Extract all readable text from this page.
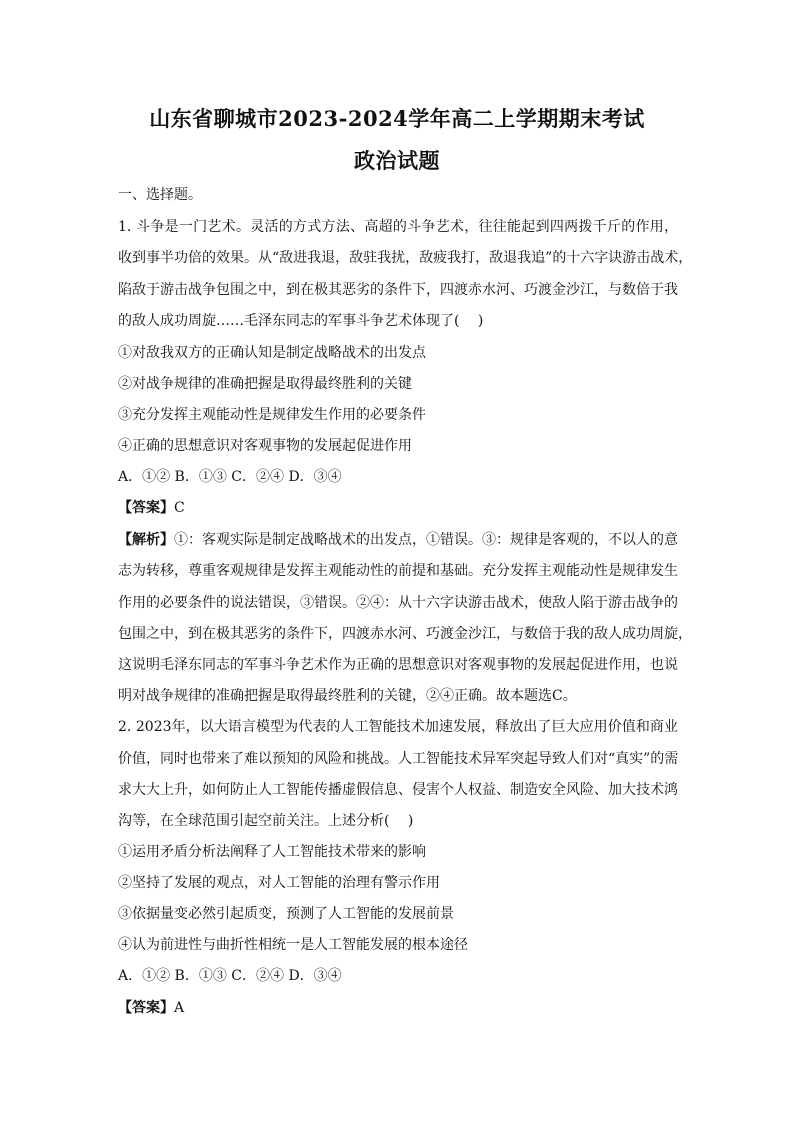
山东省聊城市2023-2024学年高二上学期期末考试
政治试题
一、选择题。
1. 斗争是一门艺术。灵活的方式方法、高超的斗争艺术，往往能起到四两拨千斤的作用，
收到事半功倍的效果。从“敌进我退，敌驻我扰，敌疲我打，敌退我追”的十六字诀游击战术，
陷敌于游击战争包围之中，到在极其恶劣的条件下，四渡赤水河、巧渡金沙江，与数倍于我
的敌人成功周旋……毛泽东同志的军事斗争艺术体现了(　 )
①对敌我双方的正确认知是制定战略战术的出发点
②对战争规律的准确把握是取得最终胜利的关键
③充分发挥主观能动性是规律发生作用的必要条件
④正确的思想意识对客观事物的发展起促进作用
A．①② B．①③ C．②④ D．③④
【答案】C
【解析】①：客观实际是制定战略战术的出发点，①错误。③：规律是客观的，不以人的意
志为转移，尊重客观规律是发挥主观能动性的前提和基础。充分发挥主观能动性是规律发生
作用的必要条件的说法错误，③错误。②④：从十六字诀游击战术，使敌人陷于游击战争的
包围之中，到在极其恶劣的条件下，四渡赤水河、巧渡金沙江，与数倍于我的敌人成功周旋，
这说明毛泽东同志的军事斗争艺术作为正确的思想意识对客观事物的发展起促进作用，也说
明对战争规律的准确把握是取得最终胜利的关键，②④正确。故本题选C。
2. 2023年，以大语言模型为代表的人工智能技术加速发展，释放出了巨大应用价值和商业
价值，同时也带来了难以预知的风险和挑战。人工智能技术异军突起导致人们对“真实”的需
求大大上升，如何防止人工智能传播虚假信息、侵害个人权益、制造安全风险、加大技术鸿
沟等，在全球范围引起空前关注。上述分析(　 )
①运用矛盾分析法阐释了人工智能技术带来的影响
②坚持了发展的观点，对人工智能的治理有警示作用
③依据量变必然引起质变，预测了人工智能的发展前景
④认为前进性与曲折性相统一是人工智能发展的根本途径
A．①② B．①③ C．②④ D．③④
【答案】A
